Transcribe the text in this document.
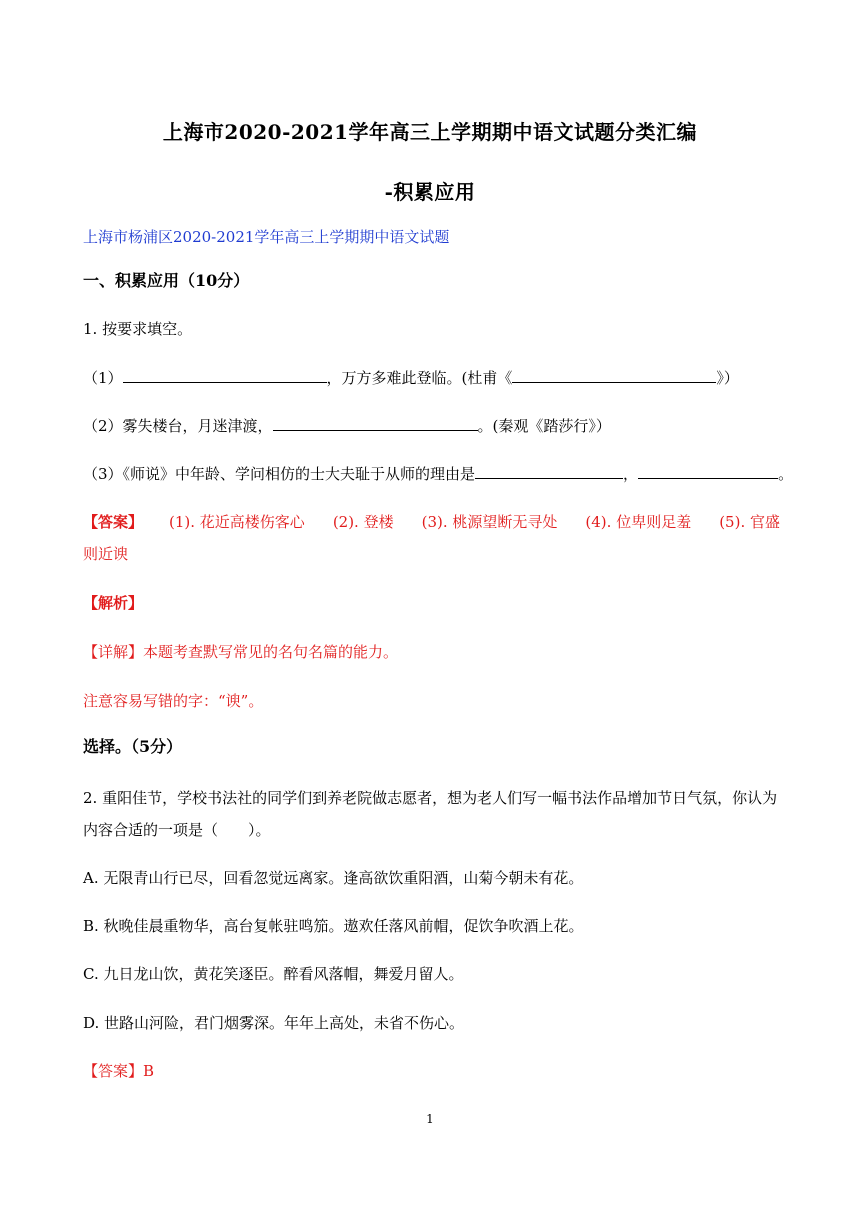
上海市2020-2021学年高三上学期期中语文试题分类汇编
-积累应用
上海市杨浦区2020-2021学年高三上学期期中语文试题
一、积累应用（10分）
1. 按要求填空。
（1）	，万方多难此登临。(杜甫《	》）
（2）雾失楼台，月迷津渡，	。(秦观《踏莎行》）
（3）《师说》中年龄、学问相仿的士大夫耻于从师的理由是	，	。
【答案】 (1). 花近高楼伤客心 (2). 登楼 (3). 桃源望断无寻处 (4). 位卑则足羞 (5). 官盛
则近谀
【解析】
【详解】本题考查默写常见的名句名篇的能力。
注意容易写错的字：“谀”。
选择。（5分）
2. 重阳佳节，学校书法社的同学们到养老院做志愿者，想为老人们写一幅书法作品增加节日气氛，你认为
内容合适的一项是（　　）。
A. 无限青山行已尽，回看忽觉远离家。逢高欲饮重阳酒，山菊今朝未有花。
B. 秋晚佳晨重物华，高台复帐驻鸣笳。遨欢任落风前帽，促饮争吹酒上花。
C. 九日龙山饮，黄花笑逐臣。醉看风落帽，舞爱月留人。
D. 世路山河险，君门烟雾深。年年上高处，未省不伤心。
【答案】B
1
